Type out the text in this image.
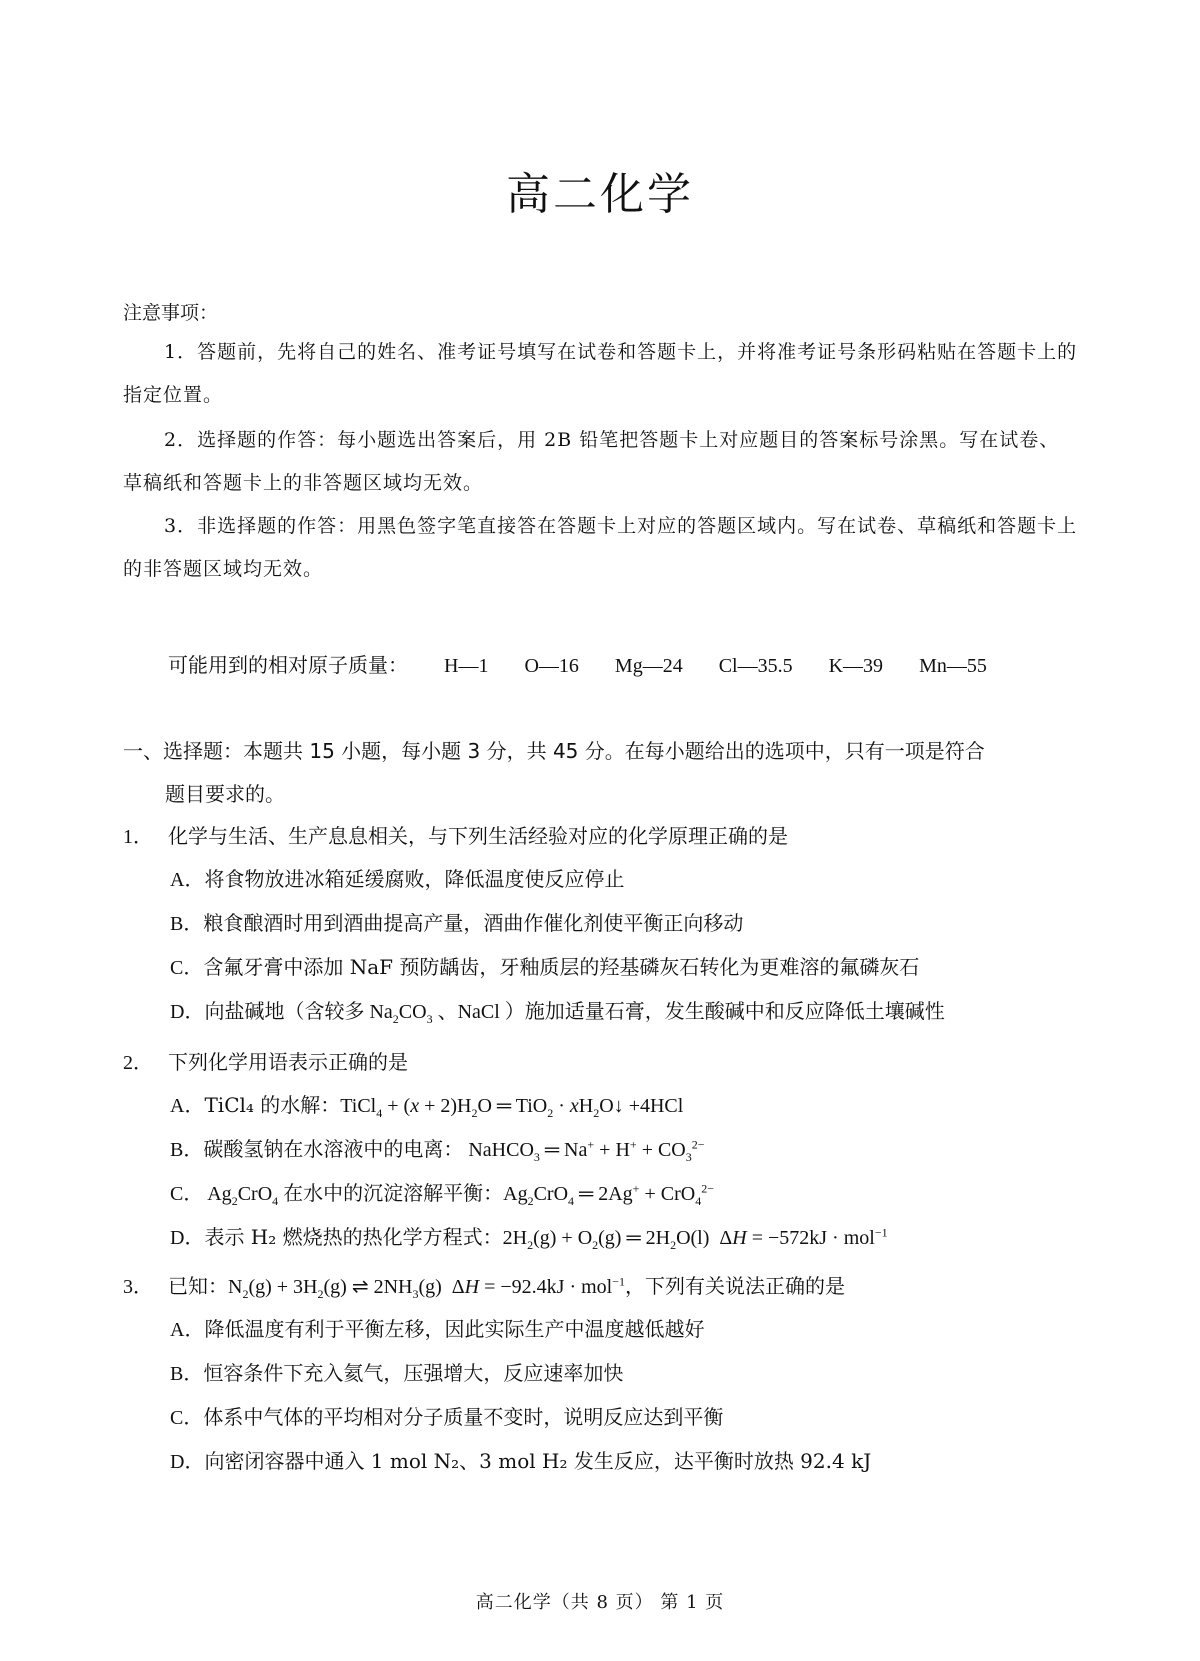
高二化学
注意事项：

1．答题前，先将自己的姓名、准考证号填写在试卷和答题卡上，并将准考证号条形码粘贴在答题卡上的指定位置。

2．选择题的作答：每小题选出答案后，用 2B 铅笔把答题卡上对应题目的答案标号涂黑。写在试卷、草稿纸和答题卡上的非答题区域均无效。

3．非选择题的作答：用黑色签字笔直接答在答题卡上对应的答题区域内。写在试卷、草稿纸和答题卡上的非答题区域均无效。

可能用到的相对原子质量： H—1 O—16 Mg—24 Cl—35.5 K—39 Mn—55
一、选择题：本题共 15 小题，每小题 3 分，共 45 分。在每小题给出的选项中，只有一项是符合
题目要求的。
1． 化学与生活、生产息息相关，与下列生活经验对应的化学原理正确的是
A．将食物放进冰箱延缓腐败，降低温度使反应停止
B．粮食酿酒时用到酒曲提高产量，酒曲作催化剂使平衡正向移动
C．含氟牙膏中添加 NaF 预防龋齿，牙釉质层的羟基磷灰石转化为更难溶的氟磷灰石
D．向盐碱地（含较多 $Na_2CO_3$ 、NaCl ）施加适量石膏，发生酸碱中和反应降低土壤碱性
2． 下列化学用语表示正确的是
A．TiCl₄ 的水解：TiCl$_4$ + $(x + 2)H_2O$ ═ $TiO_2 \cdot xH_2O↓ +4HCl$
B．碳酸氢钠在水溶液中的电离： NaHCO$_3$ ═ $Na^+ + H^+ + CO_3^{2-}$
C． $Ag_2CrO_4$ 在水中的沉淀溶解平衡：$Ag_2CrO_4$ ═ 2Ag+ + CrO$_4^{2-}$
D．表示 H₂ 燃烧热的热化学方程式：$2H_2(g) + O_2(g)$ ═ $2H_2O(l) \Delta H = -572kJ \cdot mol^{-1}$
3． 已知：$N_2(g) + 3H_2(g)$ ⇌ $2NH_3(g) \Delta H = -92.4kJ \cdot mol^{-1}$，下列有关说法正确的是
A．降低温度有利于平衡左移，因此实际生产中温度越低越好
B．恒容条件下充入氦气，压强增大，反应速率加快
C．体系中气体的平均相对分子质量不变时，说明反应达到平衡
D．向密闭容器中通入 1 mol N₂、3 mol H₂ 发生反应，达平衡时放热 92.4 kJ
高二化学（共 8 页） 第 1 页
